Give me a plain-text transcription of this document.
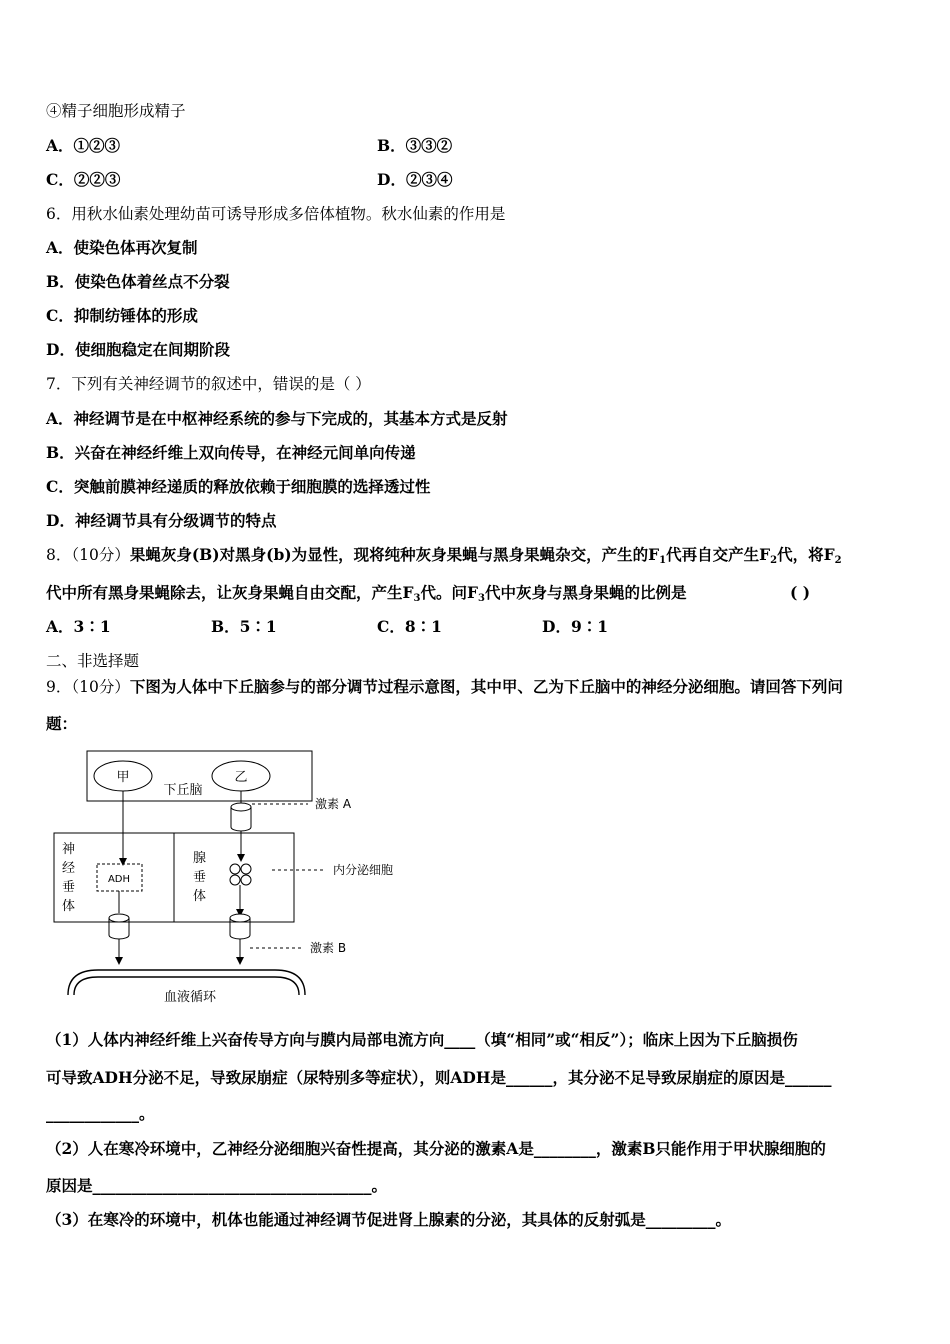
④精子细胞形成精子
A．①②③	B．③③②
C．②②③	D．②③④
6．用秋水仙素处理幼苗可诱导形成多倍体植物。秋水仙素的作用是
A．使染色体再次复制
B．使染色体着丝点不分裂
C．抑制纺锤体的形成
D．使细胞稳定在间期阶段
7．下列有关神经调节的叙述中，错误的是（ ）
A．神经调节是在中枢神经系统的参与下完成的，其基本方式是反射
B．兴奋在神经纤维上双向传导，在神经元间单向传递
C．突触前膜神经递质的释放依赖于细胞膜的选择透过性
D．神经调节具有分级调节的特点
8．（10分）果蝇灰身(B)对黑身(b)为显性，现将纯种灰身果蝇与黑身果蝇杂交，产生的$F_1$代再自交产生$F_2$代，将$F_2$
代中所有黑身果蝇除去，让灰身果蝇自由交配，产生$F_3$代。问$F_3$代中灰身与黑身果蝇的比例是	( )
A．3∶1	B．5∶1	C．8∶1	D．9∶1
二、非选择题
9．（10分）下图为人体中下丘脑参与的部分调节过程示意图，其中甲、乙为下丘脑中的神经分泌细胞。请回答下列问
题：
甲	乙
下丘脑
激素 A
神 经 垂 体
腺 垂 体
ADH
内分泌细胞
激素 B
血液循环
（1）人体内神经纤维上兴奋传导方向与膜内局部电流方向____（填“相同”或“相反”）；临床上因为下丘脑损伤
可导致ADH分泌不足，导致尿崩症（尿特别多等症状），则ADH是______，其分泌不足导致尿崩症的原因是______
____________。
（2）人在寒冷环境中，乙神经分泌细胞兴奋性提高，其分泌的激素A是________，激素B只能作用于甲状腺细胞的
原因是____________________________________。
（3）在寒冷的环境中，机体也能通过神经调节促进肾上腺素的分泌，其具体的反射弧是_________。
